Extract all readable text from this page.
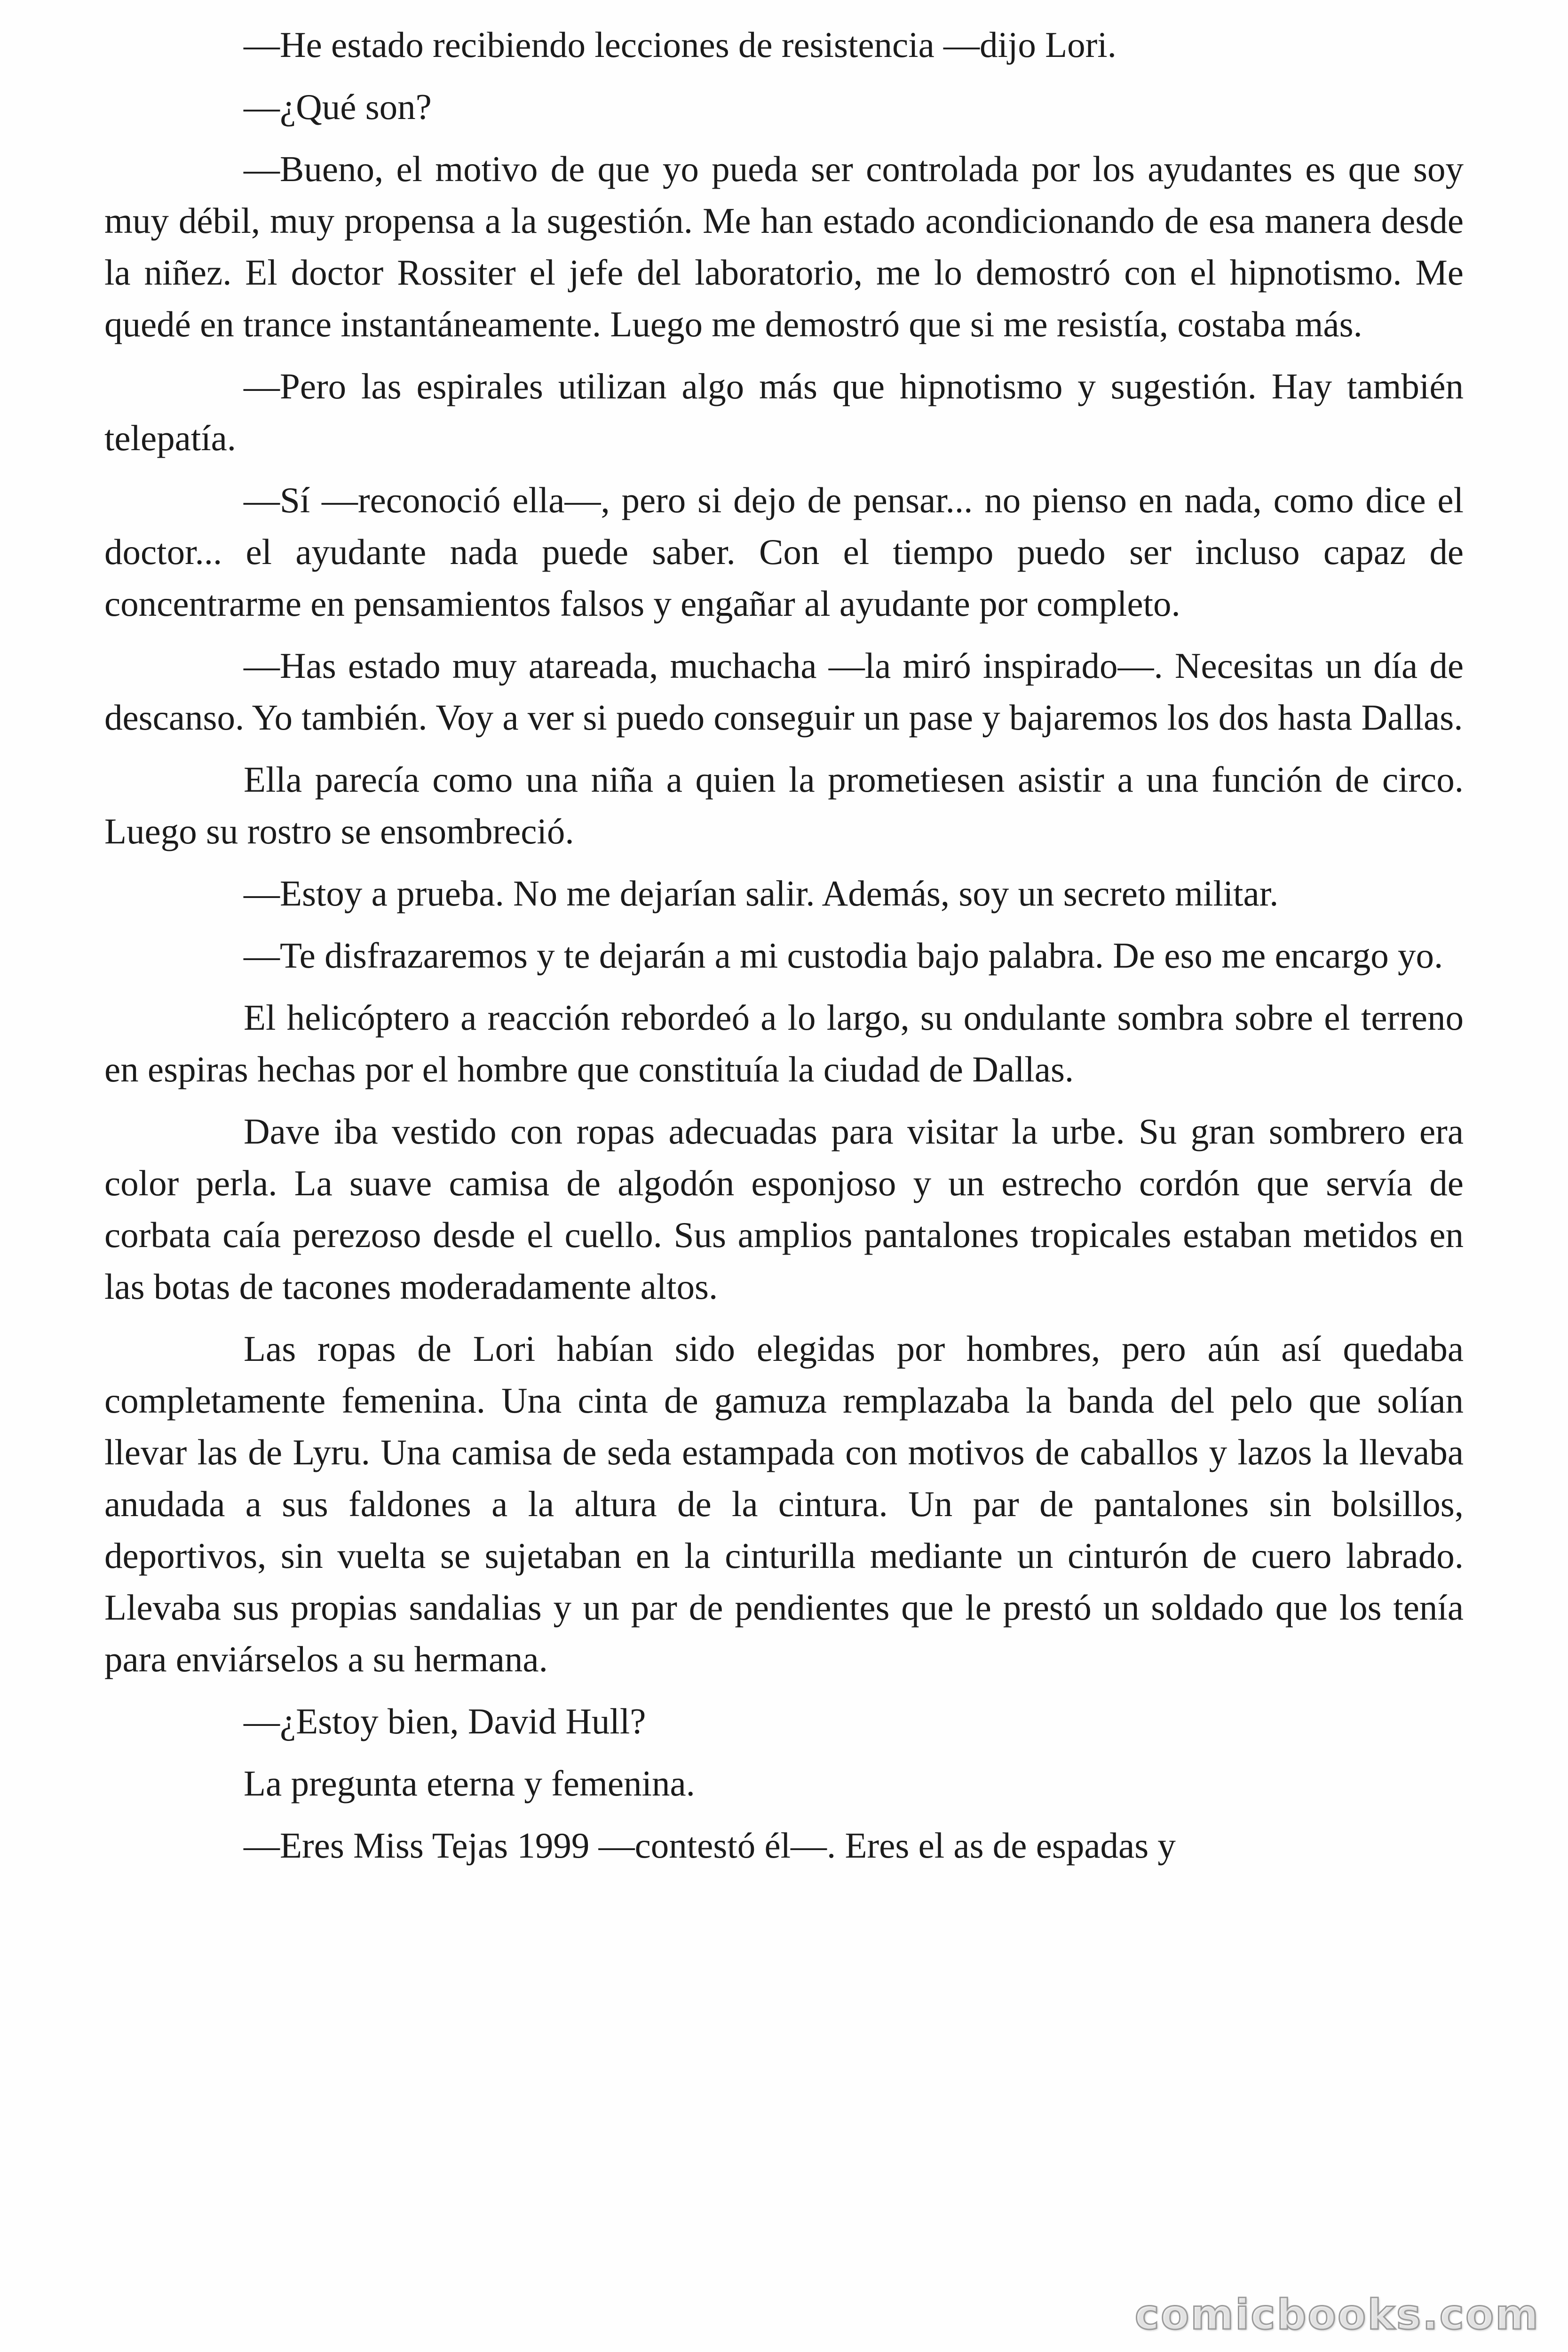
—He estado recibiendo lecciones de resistencia —dijo Lori.

—¿Qué son?

—Bueno, el motivo de que yo pueda ser controlada por los ayudantes es que soy muy débil, muy propensa a la sugestión. Me han estado acondicionando de esa manera desde la niñez. El doctor Rossiter el jefe del laboratorio, me lo demostró con el hipnotismo. Me quedé en trance instantáneamente. Luego me demostró que si me resistía, costaba más.

—Pero las espirales utilizan algo más que hipnotismo y sugestión. Hay también telepatía.

—Sí —reconoció ella—, pero si dejo de pensar... no pienso en nada, como dice el doctor... el ayudante nada puede saber. Con el tiempo puedo ser incluso capaz de concentrarme en pensamientos falsos y engañar al ayudante por completo.

—Has estado muy atareada, muchacha —la miró inspirado—. Necesitas un día de descanso. Yo también. Voy a ver si puedo conseguir un pase y bajaremos los dos hasta Dallas.

Ella parecía como una niña a quien la prometiesen asistir a una función de circo. Luego su rostro se ensombreció.

—Estoy a prueba. No me dejarían salir. Además, soy un secreto militar.

—Te disfrazaremos y te dejarán a mi custodia bajo palabra. De eso me encargo yo.

El helicóptero a reacción rebordeó a lo largo, su ondulante sombra sobre el terreno en espiras hechas por el hombre que constituía la ciudad de Dallas.

Dave iba vestido con ropas adecuadas para visitar la urbe. Su gran sombrero era color perla. La suave camisa de algodón esponjoso y un estrecho cordón que servía de corbata caía perezoso desde el cuello. Sus amplios pantalones tropicales estaban metidos en las botas de tacones moderadamente altos.

Las ropas de Lori habían sido elegidas por hombres, pero aún así quedaba completamente femenina. Una cinta de gamuza remplazaba la banda del pelo que solían llevar las de Lyru. Una camisa de seda estampada con motivos de caballos y lazos la llevaba anudada a sus faldones a la altura de la cintura. Un par de pantalones sin bolsillos, deportivos, sin vuelta se sujetaban en la cinturilla mediante un cinturón de cuero labrado. Llevaba sus propias sandalias y un par de pendientes que le prestó un soldado que los tenía para enviárselos a su hermana.

—¿Estoy bien, David Hull?

La pregunta eterna y femenina.

—Eres Miss Tejas 1999 —contestó él—. Eres el as de espadas y

comicbooks.com
